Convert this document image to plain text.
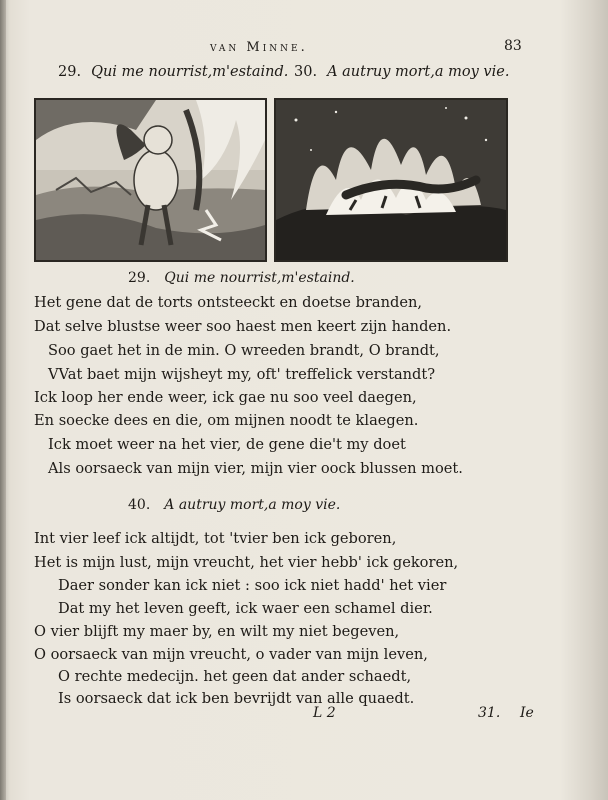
van Minne.	83
29. Qui me nourrist,m'estaind. 30. A autruy mort,a moy vie.
29. Qui me nourrist,m'estaind.
Het gene dat de torts ontsteeckt en doetse branden,
Dat selve blustse weer soo haest men keert zijn handen.
Soo gaet het in de min. O wreeden brandt, O brandt,
VVat baet mijn wijsheyt my, oft' treffelick verstandt?
Ick loop her ende weer, ick gae nu soo veel daegen,
En soecke dees en die, om mijnen noodt te klaegen.
Ick moet weer na het vier, de gene die't my doet
Als oorsaeck van mijn vier, mijn vier oock blussen moet.
40. A autruy mort,a moy vie.
Int vier leef ick altijdt, tot 'tvier ben ick geboren,
Het is mijn lust, mijn vreucht, het vier hebb' ick gekoren,
Daer sonder kan ick niet : soo ick niet hadd' het vier
Dat my het leven geeft, ick waer een schamel dier.
O vier blijft my maer by, en wilt my niet begeven,
O oorsaeck van mijn vreucht, o vader van mijn leven,
O rechte medecijn. het geen dat ander schaedt,
Is oorsaeck dat ick ben bevrijdt van alle quaedt.
L 2	31. Ie
